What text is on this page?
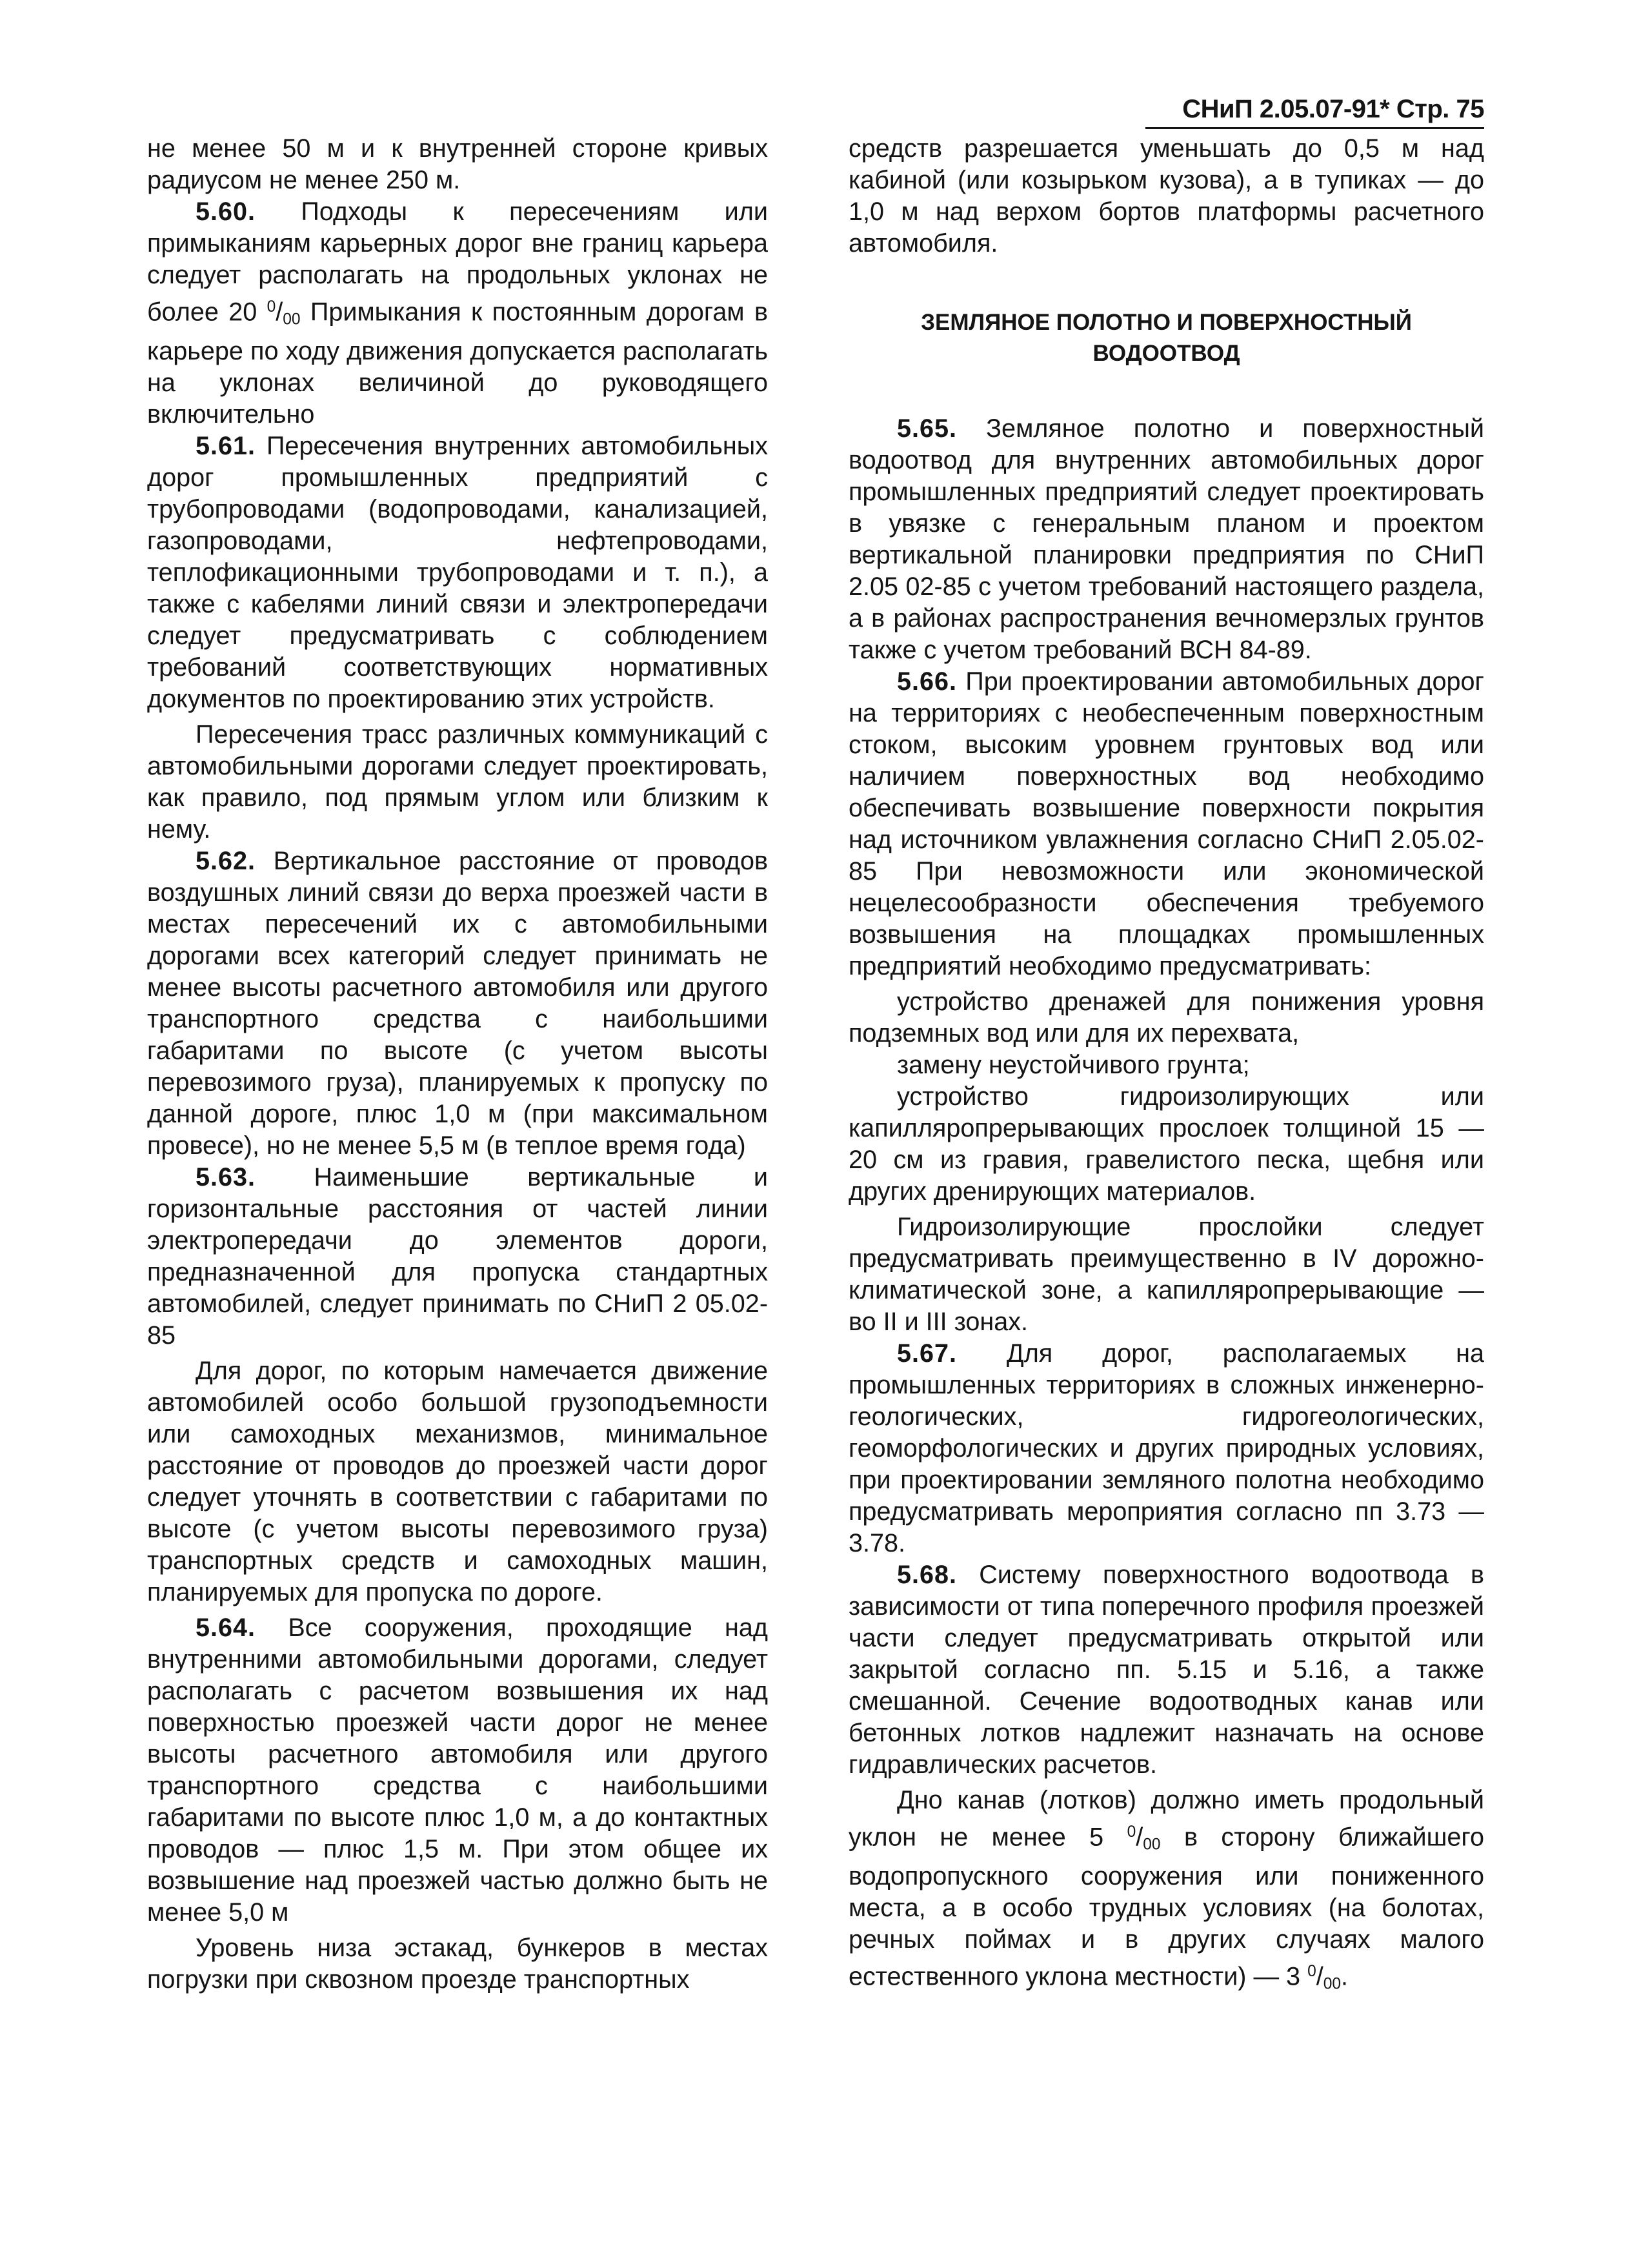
СНиП 2.05.07-91* Стр. 75

не менее 50 м и к внутренней стороне кривых радиусом не менее 250 м.

5.60. Подходы к пересечениям или примыканиям карьерных дорог вне границ карьера следует располагать на продольных уклонах не более 20 $^0/_{00}$ Примыкания к постоянным дорогам в карьере по ходу движения допускается располагать на уклонах величиной до руководящего включительно

5.61. Пересечения внутренних автомобильных дорог промышленных предприятий с трубопроводами (водопроводами, канализацией, газопроводами, нефтепроводами, теплофикационными трубопроводами и т. п.), а также с кабелями линий связи и электропередачи следует предусматривать с соблюдением требований соответствующих нормативных документов по проектированию этих устройств.

Пересечения трасс различных коммуникаций с автомобильными дорогами следует проектировать, как правило, под прямым углом или близким к нему.

5.62. Вертикальное расстояние от проводов воздушных линий связи до верха проезжей части в местах пересечений их с автомобильными дорогами всех категорий следует принимать не менее высоты расчетного автомобиля или другого транспортного средства с наибольшими габаритами по высоте (с учетом высоты перевозимого груза), планируемых к пропуску по данной дороге, плюс 1,0 м (при максимальном провесе), но не менее 5,5 м (в теплое время года)

5.63. Наименьшие вертикальные и горизонтальные расстояния от частей линии электропередачи до элементов дороги, предназначенной для пропуска стандартных автомобилей, следует принимать по СНиП 2 05.02-85

Для дорог, по которым намечается движение автомобилей особо большой грузоподъемности или самоходных механизмов, минимальное расстояние от проводов до проезжей части дорог следует уточнять в соответствии с габаритами по высоте (с учетом высоты перевозимого груза) транспортных средств и самоходных машин, планируемых для пропуска по дороге.

5.64. Все сооружения, проходящие над внутренними автомобильными дорогами, следует располагать с расчетом возвышения их над поверхностью проезжей части дорог не менее высоты расчетного автомобиля или другого транспортного средства с наибольшими габаритами по высоте плюс 1,0 м, а до контактных проводов — плюс 1,5 м. При этом общее их возвышение над проезжей частью должно быть не менее 5,0 м

Уровень низа эстакад, бункеров в местах погрузки при сквозном проезде транспортных

средств разрешается уменьшать до 0,5 м над кабиной (или козырьком кузова), а в тупиках — до 1,0 м над верхом бортов платформы расчетного автомобиля.

ЗЕМЛЯНОЕ ПОЛОТНО И ПОВЕРХНОСТНЫЙ ВОДООТВОД

5.65. Земляное полотно и поверхностный водоотвод для внутренних автомобильных дорог промышленных предприятий следует проектировать в увязке с генеральным планом и проектом вертикальной планировки предприятия по СНиП 2.05 02-85 с учетом требований настоящего раздела, а в районах распространения вечномерзлых грунтов также с учетом требований ВСН 84-89.

5.66. При проектировании автомобильных дорог на территориях с необеспеченным поверхностным стоком, высоким уровнем грунтовых вод или наличием поверхностных вод необходимо обеспечивать возвышение поверхности покрытия над источником увлажнения согласно СНиП 2.05.02-85 При невозможности или экономической нецелесообразности обеспечения требуемого возвышения на площадках промышленных предприятий необходимо предусматривать:

устройство дренажей для понижения уровня подземных вод или для их перехвата,

замену неустойчивого грунта;

устройство гидроизолирующих или капилляропрерывающих прослоек толщиной 15 — 20 см из гравия, гравелистого песка, щебня или других дренирующих материалов.

Гидроизолирующие прослойки следует предусматривать преимущественно в IV дорожно-климатической зоне, а капилляропрерывающие — во II и III зонах.

5.67. Для дорог, располагаемых на промышленных территориях в сложных инженерно-геологических, гидрогеологических, геоморфологических и других природных условиях, при проектировании земляного полотна необходимо предусматривать мероприятия согласно пп 3.73 — 3.78.

5.68. Систему поверхностного водоотвода в зависимости от типа поперечного профиля проезжей части следует предусматривать открытой или закрытой согласно пп. 5.15 и 5.16, а также смешанной. Сечение водоотводных канав или бетонных лотков надлежит назначать на основе гидравлических расчетов.

Дно канав (лотков) должно иметь продольный уклон не менее 5 $^0/_{00}$ в сторону ближайшего водопропускного сооружения или пониженного места, а в особо трудных условиях (на болотах, речных поймах и в других случаях малого естественного уклона местности) — 3 $^0/_{00}$.
